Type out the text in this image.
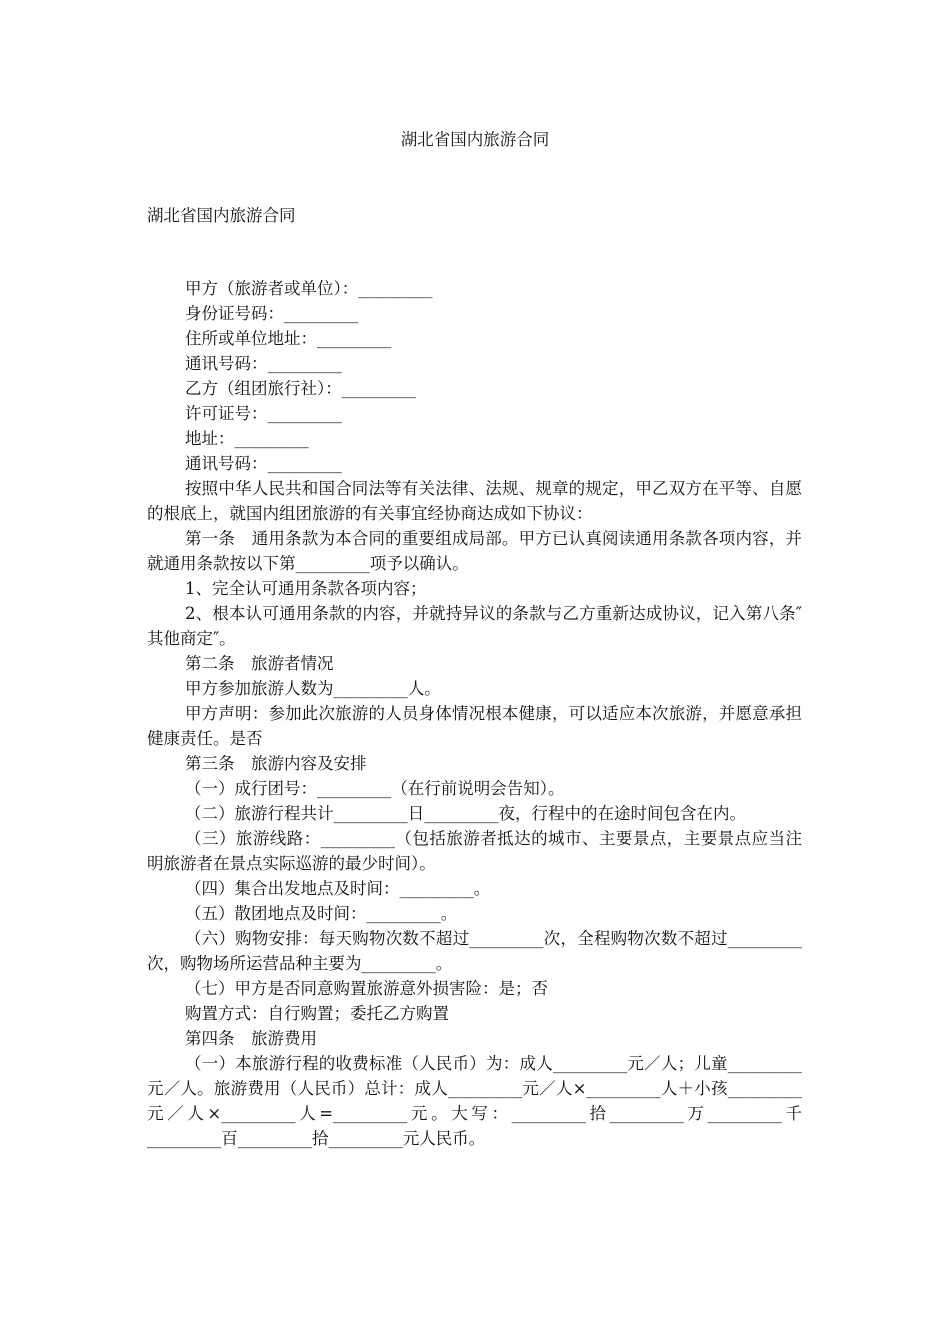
湖北省国内旅游合同
湖北省国内旅游合同

甲方（旅游者或单位）：_________

身份证号码：_________

住所或单位地址：_________

通讯号码：_________

乙方（组团旅行社）：_________

许可证号：_________

地址：_________

通讯号码：_________

按照中华人民共和国合同法等有关法律、法规、规章的规定，甲乙双方在平等、自愿的根底上，就国内组团旅游的有关事宜经协商达成如下协议：

第一条　通用条款为本合同的重要组成局部。甲方已认真阅读通用条款各项内容，并就通用条款按以下第_________项予以确认。

1、完全认可通用条款各项内容；

2、根本认可通用条款的内容，并就持异议的条款与乙方重新达成协议，记入第八条″其他商定″。

第二条　旅游者情况

甲方参加旅游人数为_________人。

甲方声明：参加此次旅游的人员身体情况根本健康，可以适应本次旅游，并愿意承担健康责任。是否

第三条　旅游内容及安排

（一）成行团号：_________（在行前说明会告知）。

（二）旅游行程共计_________日_________夜，行程中的在途时间包含在内。

（三）旅游线路：_________（包括旅游者抵达的城市、主要景点，主要景点应当注明旅游者在景点实际巡游的最少时间）。

（四）集合出发地点及时间：_________。

（五）散团地点及时间：_________。

（六）购物安排：每天购物次数不超过_________次，全程购物次数不超过_________次，购物场所运营品种主要为_________。

（七）甲方是否同意购置旅游意外损害险：是；否

购置方式：自行购置；委托乙方购置

第四条　旅游费用

（一）本旅游行程的收费标准（人民币）为：成人_________元／人；儿童_________元／人。旅游费用（人民币）总计：成人_________元／人×_________人＋小孩_________元／人×_________人=_________元。大写：_________拾_________万_________千_________百_________拾_________元人民币。
